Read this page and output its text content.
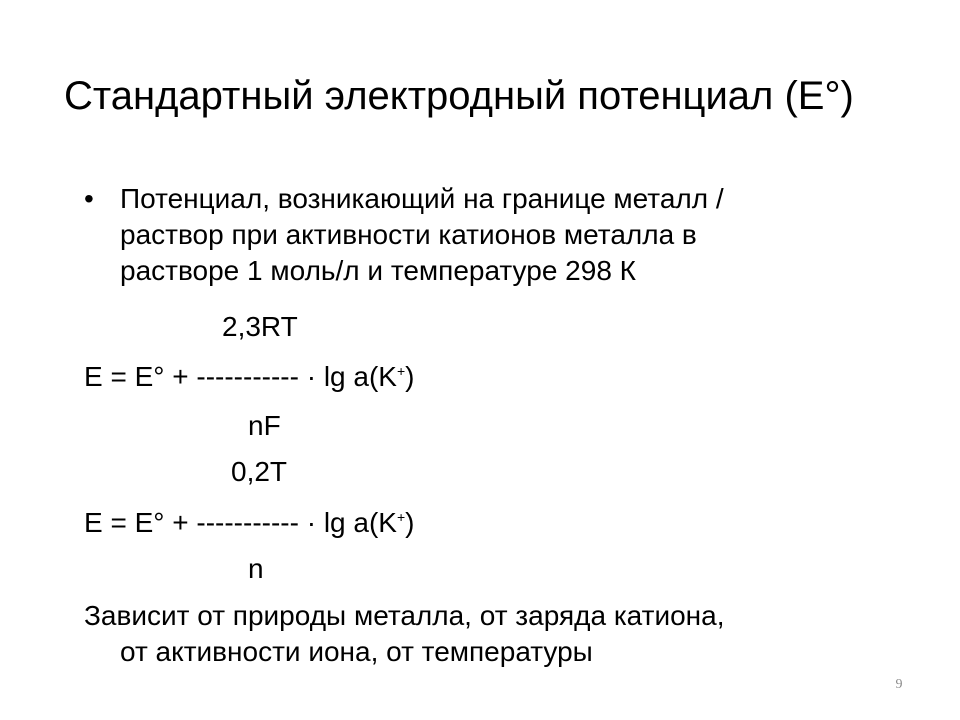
Стандартный электродный потенциал (Е°)
• Потенциал, возникающий на границе металл /
раствор при активности катионов металла в
растворе 1 моль/л и температуре 298 К
2,3RT
E = E° + ----------- · lg a(K+)
nF
0,2T
E = E° + ----------- · lg a(K+)
n
Зависит от природы металла, от заряда катиона,
от активности иона, от температуры
9
